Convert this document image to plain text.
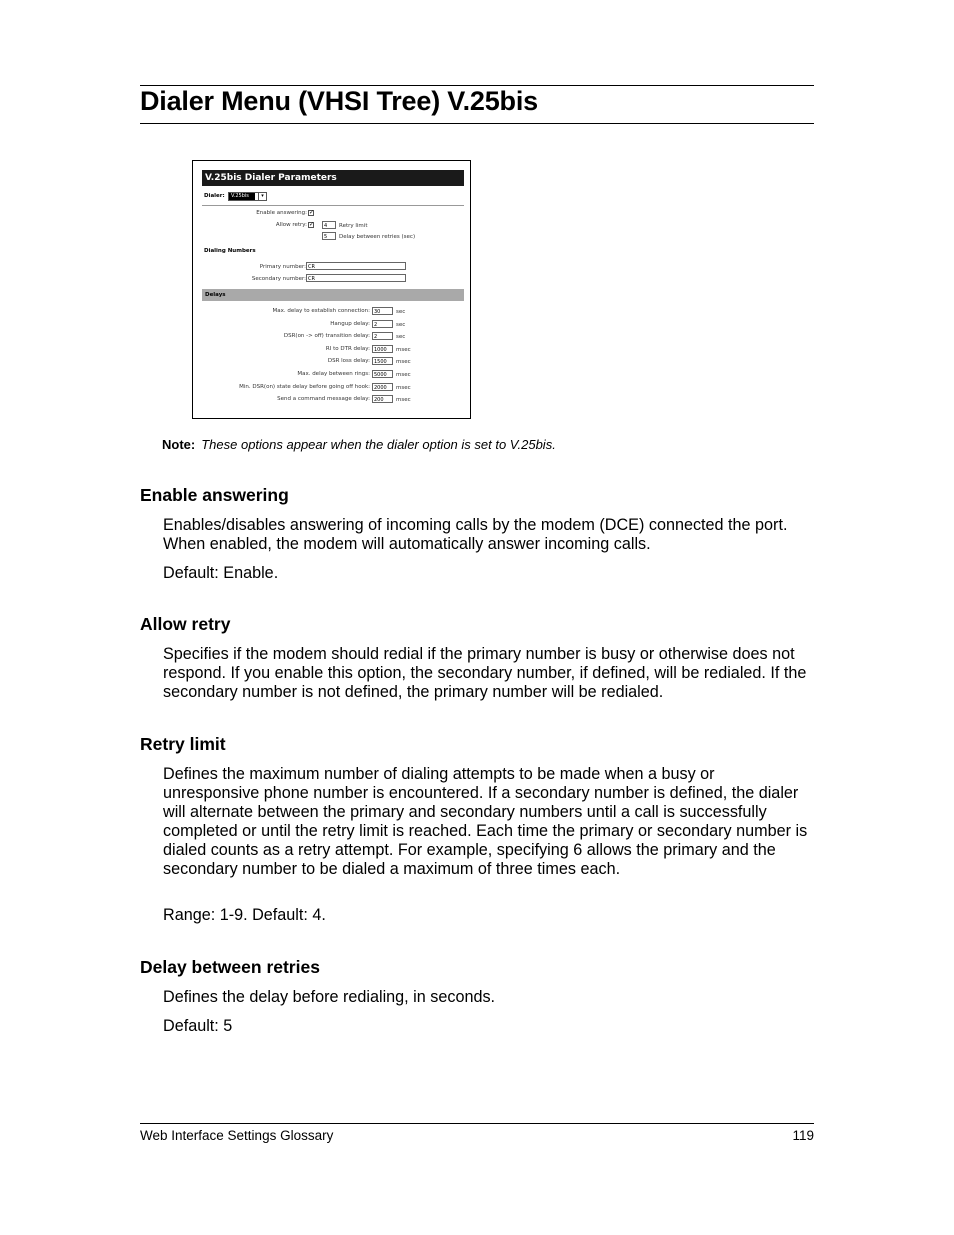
Dialer Menu (VHSI Tree) V.25bis
V.25bis Dialer Parameters
Dialer:	V.25bis	▾
Enable answering: ✓
Allow retry: ✓	4	Retry limit
5	Delay between retries (sec)
Dialing Numbers
Primary number: CR
Secondary number: CR
Delays
Max. delay to establish connection: 30	sec
Hangup delay: 2	sec
DSR(on -> off) transition delay: 2	sec
RI to DTR delay: 1000	msec
DSR loss delay: 1500	msec
Max. delay between rings: 5000	msec
Min. DSR(on) state delay before going off hook: 2000	msec
Send a command message delay: 200	msec
Note: These options appear when the dialer option is set to V.25bis.
Enable answering

Enables/disables answering of incoming calls by the modem (DCE) connected the port. When enabled, the modem will automatically answer incoming calls.

Default: Enable.

Allow retry

Specifies if the modem should redial if the primary number is busy or otherwise does not respond. If you enable this option, the secondary number, if defined, will be redialed. If the secondary number is not defined, the primary number will be redialed.

Retry limit

Defines the maximum number of dialing attempts to be made when a busy or unresponsive phone number is encountered. If a secondary number is defined, the dialer will alternate between the primary and secondary numbers until a call is successfully completed or until the retry limit is reached. Each time the primary or secondary number is dialed counts as a retry attempt. For example, specifying 6 allows the primary and the secondary number to be dialed a maximum of three times each.

Range: 1-9. Default: 4.

Delay between retries

Defines the delay before redialing, in seconds.

Default: 5

Web Interface Settings Glossary	119
